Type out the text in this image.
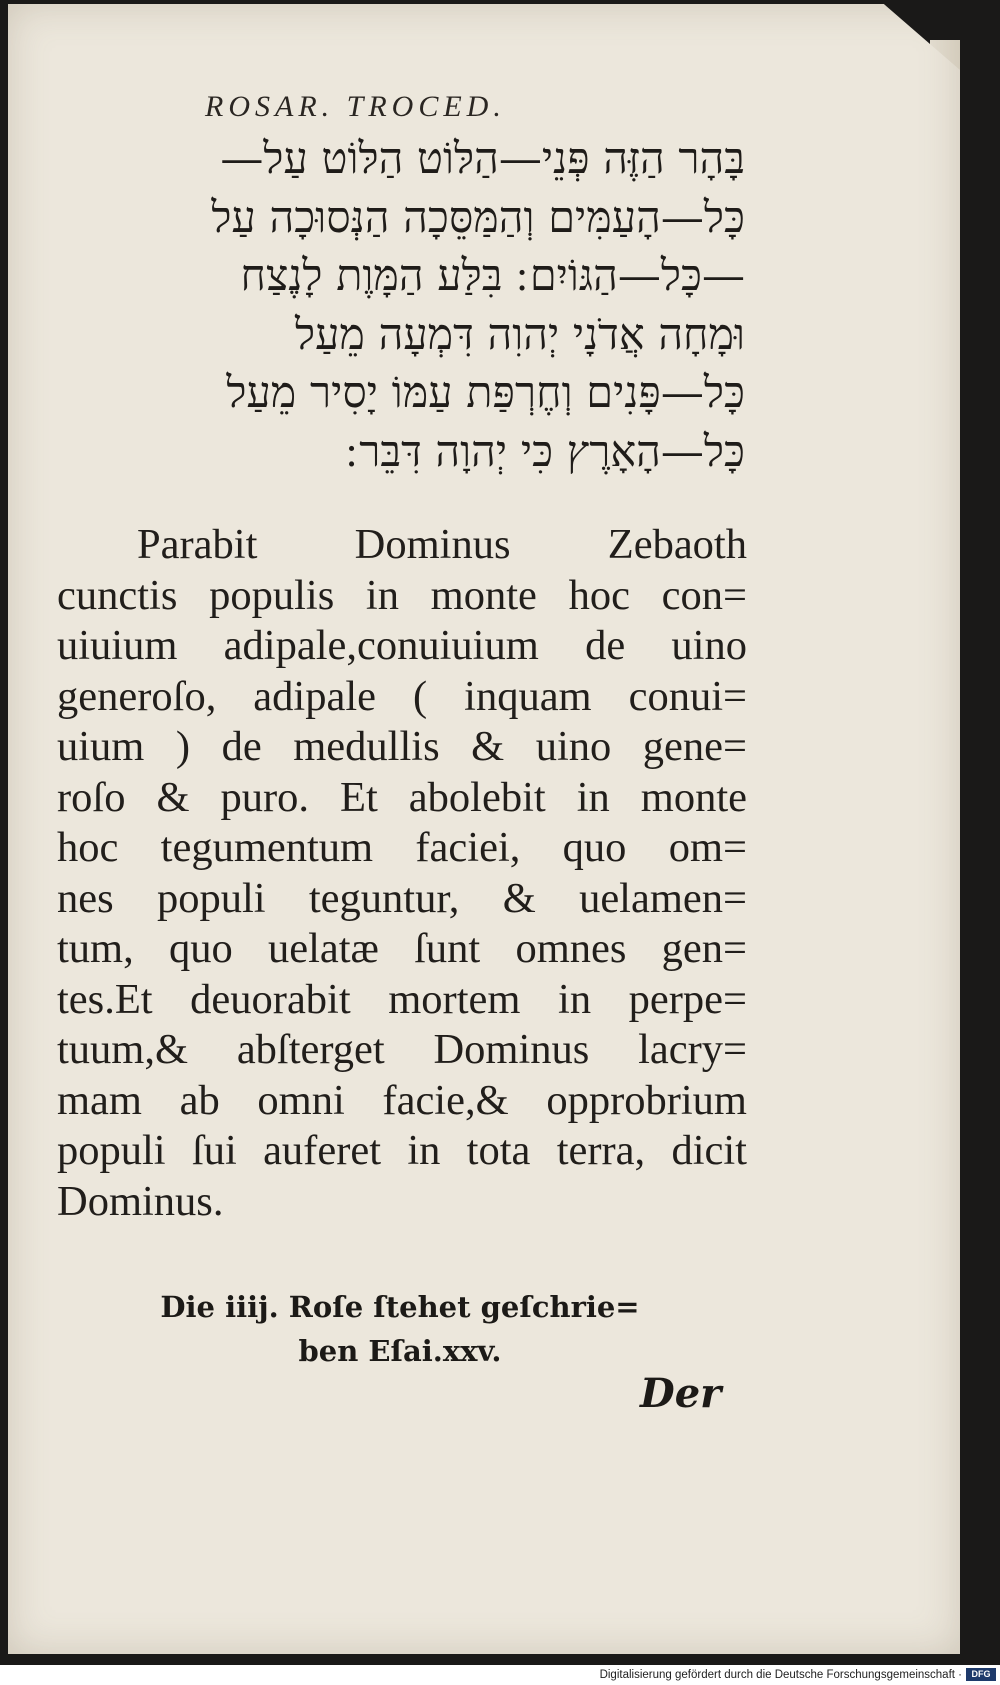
ROSAR. TROCED.
בָּהָר הַזֶּה פְּנֵי—הַלּוֹט הַלּוֹט עַל—
כָּל—הָעַמִּים וְהַמַּסֵּכָה הַנְּסוּכָה עַל
—כָּל—הַגּוֹיִם ׃ בִּלַּע הַמָּוֶת לָנֶצַח
וּמָחָה אֲדֹנָי יְהוִה דִּמְעָה מֵעַל
כָּל—פָּנִים וְחֶרְפַּת עַמּוֹ יָסִיר מֵעַל
כָּל—הָאָרֶץ כִּי יְהוָה דִּבֵּר ׃
Parabit Dominus Zebaoth
cunctis populis in monte hoc con=
uiuium adipale,conuiuium de uino
generoſo, adipale ( inquam conui=
uium ) de medullis & uino gene=
roſo & puro. Et abolebit in monte
hoc tegumentum faciei, quo om=
nes populi teguntur, & uelamen=
tum, quo uelatæ ſunt omnes gen=
tes.Et deuorabit mortem in perpe=
tuum,& abſterget Dominus lacry=
mam ab omni facie,& opprobrium
populi ſui auferet in tota terra, dicit
Dominus.
Die iiij. Roſe ſtehet geſchrie=
ben Eſai.xxv.
Der
Digitalisierung gefördert durch die Deutsche Forschungsgemeinschaft ·	DFG
